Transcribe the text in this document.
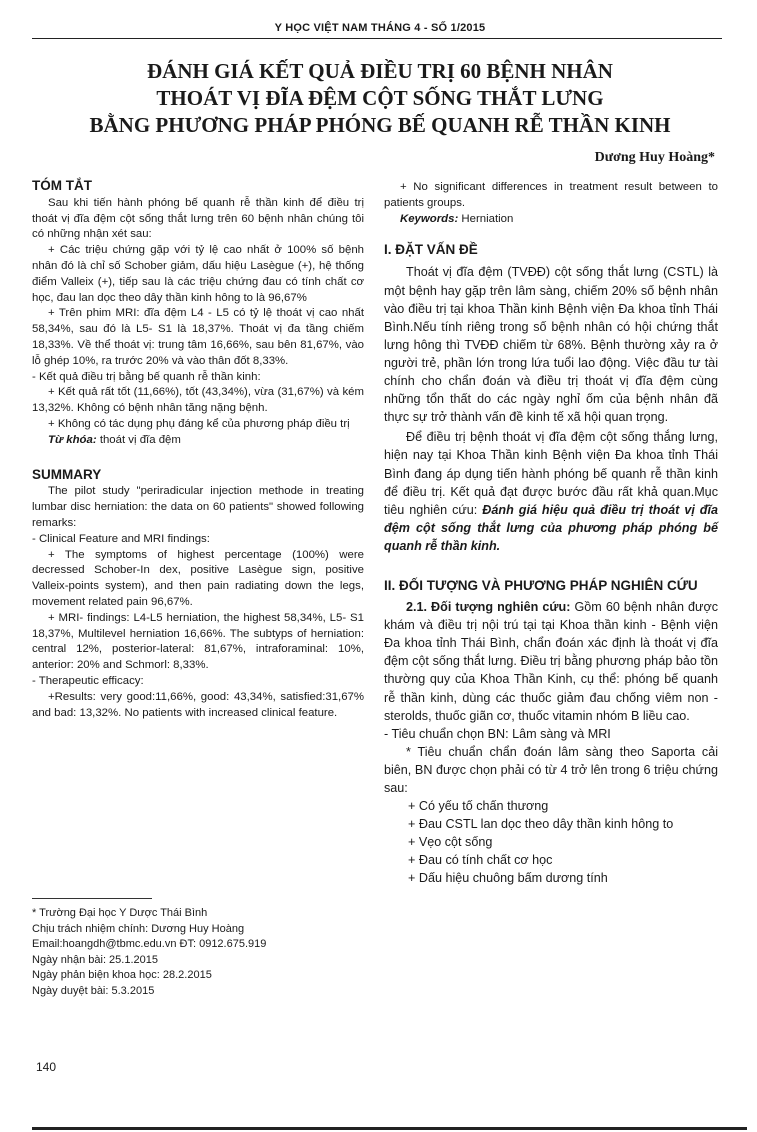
Y HỌC VIỆT NAM THÁNG 4 - SỐ 1/2015
ĐÁNH GIÁ KẾT QUẢ ĐIỀU TRỊ 60 BỆNH NHÂN
THOÁT VỊ ĐĨA ĐỆM CỘT SỐNG THẮT LƯNG
BẰNG PHƯƠNG PHÁP PHÓNG BẾ QUANH RỄ THẦN KINH
Dương Huy Hoàng*

TÓM TẮT

Sau khi tiến hành phóng bế quanh rễ thần kinh để điều trị thoát vị đĩa đệm cột sống thắt lưng trên 60 bệnh nhân chúng tôi có những nhận xét sau:

+ Các triệu chứng gặp với tỷ lệ cao nhất ở 100% số bệnh nhân đó là chỉ số Schober giảm, dấu hiệu Lasègue (+), hệ thống điểm Valleix (+), tiếp sau là các triệu chứng đau có tính chất cơ học, đau lan dọc theo dây thần kinh hông to là 96,67%

+ Trên phim MRI: đĩa đệm L4 - L5 có tỷ lệ thoát vị cao nhất 58,34%, sau đó là L5- S1 là 18,37%. Thoát vị đa tầng chiếm 18,33%. Về thể thoát vị: trung tâm 16,66%, sau bên 81,67%, vào lỗ ghép 10%, ra trước 20% và vào thân đốt 8,33%.

- Kết quả điều trị bằng bế quanh rễ thần kinh:

+ Kết quả rất tốt (11,66%), tốt (43,34%), vừa (31,67%) và kém 13,32%. Không có bệnh nhân tăng nặng bệnh.

+ Không có tác dụng phụ đáng kể của phương pháp điều trị

Từ khóa: thoát vị đĩa đệm

SUMMARY

The pilot study "periradicular injection methode in treating lumbar disc herniation: the data on 60 patients" showed following remarks:

- Clinical Feature and MRI findings:

+ The symptoms of highest percentage (100%) were decressed Schober-In dex, positive Lasègue sign, positive Valleix-points system), and then pain radiating down the legs, movement related pain 96,67%.

+ MRI- findings: L4-L5 herniation, the highest 58,34%, L5- S1 18,37%, Multilevel herniation 16,66%. The subtyps of herniation: central 12%, posterior-lateral: 81,67%, intraforaminal: 10%, anterior: 20% and Schmorl: 8,33%.

- Therapeutic efficacy:

+Results: very good:11,66%, good: 43,34%, satisfied:31,67% and bad: 13,32%. No patients with increased clinical feature.

* Trường Đại học Y Dược Thái Bình
Chịu trách nhiệm chính: Dương Huy Hoàng
Email:hoangdh@tbmc.edu.vn ĐT: 0912.675.919
Ngày nhận bài: 25.1.2015
Ngày phản biện khoa học: 28.2.2015
Ngày duyệt bài: 5.3.2015

+ No significant differences in treatment result between to patients groups.

Keywords: Herniation

I. ĐẶT VẤN ĐỀ

Thoát vị đĩa đệm (TVĐĐ) cột sống thắt lưng (CSTL) là một bệnh hay gặp trên lâm sàng, chiếm 20% số bệnh nhân vào điều trị tại khoa Thần kinh Bệnh viện Đa khoa tỉnh Thái Bình.Nếu tính riêng trong số bệnh nhân có hội chứng thắt lưng hông thì TVĐĐ chiếm từ 68%. Bệnh thường xảy ra ở người trẻ, phần lớn trong lứa tuổi lao động. Việc đầu tư tài chính cho chẩn đoán và điều trị thoát vị đĩa đệm cùng những tổn thất do các ngày nghỉ ốm của bệnh nhân đã thực sự trở thành vấn đề kinh tế xã hội quan trọng.

Để điều trị bệnh thoát vị đĩa đệm cột sống thắng lưng, hiện nay tại Khoa Thần kinh Bệnh viện Đa khoa tỉnh Thái Bình đang áp dụng tiến hành phóng bế quanh rễ thần kinh để điều trị. Kết quả đạt được bước đầu rất khả quan.Mục tiêu nghiên cứu: Đánh giá hiệu quả điều trị thoát vị đĩa đệm cột sống thắt lưng của phương pháp phóng bế quanh rễ thần kinh.

II. ĐỐI TƯỢNG VÀ PHƯƠNG PHÁP NGHIÊN CỨU

2.1. Đối tượng nghiên cứu: Gồm 60 bệnh nhân được khám và điều trị nội trú tại tại Khoa thần kinh - Bệnh viện Đa khoa tỉnh Thái Bình, chẩn đoán xác định là thoát vị đĩa đệm cột sống thắt lưng. Điều trị bằng phương pháp bảo tồn thường quy của Khoa Thần Kinh, cụ thể: phóng bế quanh rễ thần kinh, dùng các thuốc giảm đau chống viêm non - sterolds, thuốc giãn cơ, thuốc vitamin nhóm B liều cao.

- Tiêu chuẩn chọn BN: Lâm sàng và MRI

* Tiêu chuẩn chẩn đoán lâm sàng theo Saporta cải biên, BN được chọn phải có từ 4 trở lên trong 6 triệu chứng sau:

+ Có yếu tố chấn thương
+ Đau CSTL lan dọc theo dây thần kinh hông to
+ Vẹo cột sống
+ Đau có tính chất cơ học
+ Dấu hiệu chuông bấm dương tính
140
